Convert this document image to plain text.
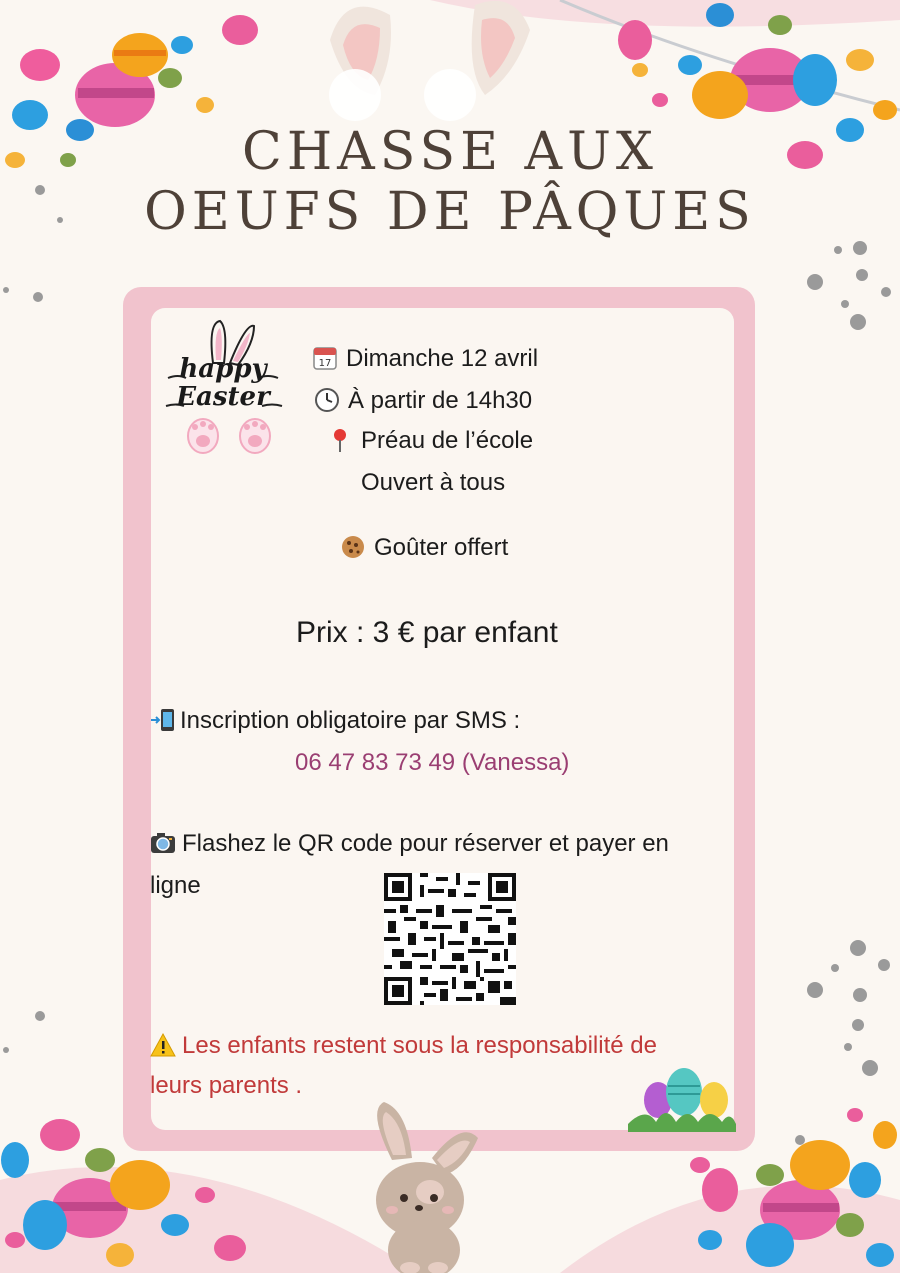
CHASSE AUX
OEUFS DE PÂQUES
happy
Easter
17 Dimanche 12 avril
À partir de 14h30
Préau de l’école
Ouvert à tous
Goûter offert
Prix : 3 € par enfant
Inscription obligatoire par SMS :
06 47 83 73 49 (Vanessa)
Flashez le QR code pour réserver et payer en
ligne
Les enfants restent sous la responsabilité de
leurs parents .
